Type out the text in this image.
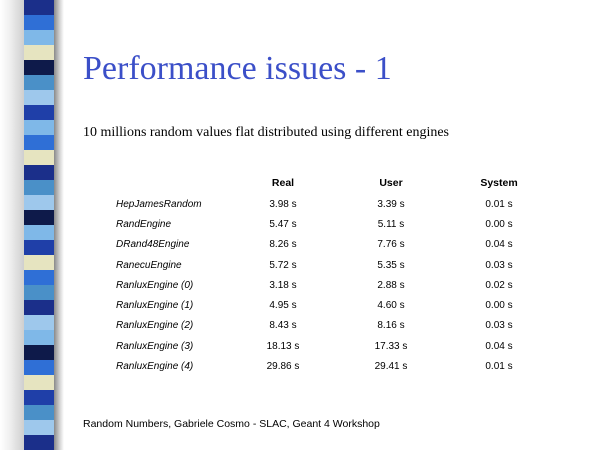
Performance issues - 1

10 millions random values flat distributed using different engines

	Real	User	System
HepJamesRandom	3.98 s	3.39 s	0.01 s
RandEngine	5.47 s	5.11 s	0.00 s
DRand48Engine	8.26 s	7.76 s	0.04 s
RanecuEngine	5.72 s	5.35 s	0.03 s
RanluxEngine (0)	3.18 s	2.88 s	0.02 s
RanluxEngine (1)	4.95 s	4.60 s	0.00 s
RanluxEngine (2)	8.43 s	8.16 s	0.03 s
RanluxEngine (3)	18.13 s	17.33 s	0.04 s
RanluxEngine (4)	29.86 s	29.41 s	0.01 s

Random Numbers, Gabriele Cosmo - SLAC, Geant 4 Workshop
